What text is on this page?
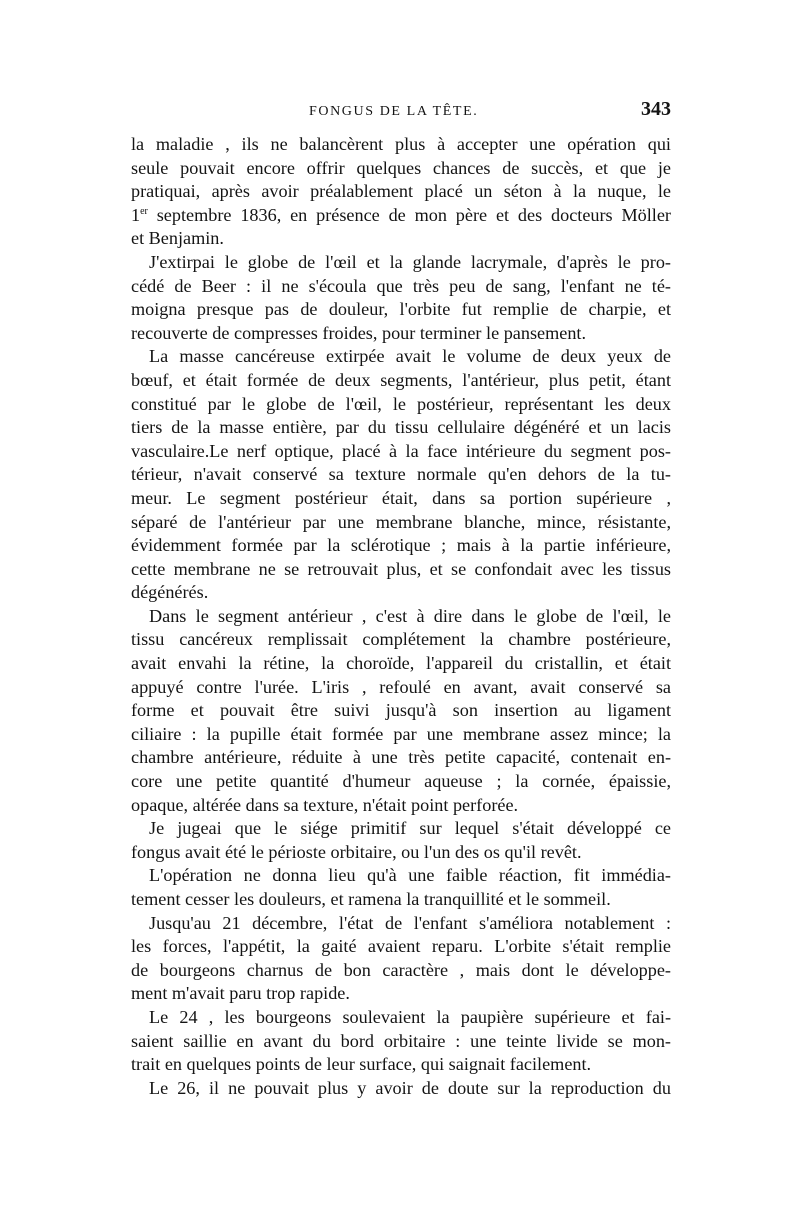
FONGUS DE LA TÊTE.	343
la maladie , ils ne balancèrent plus à accepter une opération qui
seule pouvait encore offrir quelques chances de succès, et que je
pratiquai, après avoir préalablement placé un séton à la nuque, le
1er septembre 1836, en présence de mon père et des docteurs Möller
et Benjamin.
J'extirpai le globe de l'œil et la glande lacrymale, d'après le pro-
cédé de Beer : il ne s'écoula que très peu de sang, l'enfant ne té-
moigna presque pas de douleur, l'orbite fut remplie de charpie, et
recouverte de compresses froides, pour terminer le pansement.
La masse cancéreuse extirpée avait le volume de deux yeux de
bœuf, et était formée de deux segments, l'antérieur, plus petit, étant
constitué par le globe de l'œil, le postérieur, représentant les deux
tiers de la masse entière, par du tissu cellulaire dégénéré et un lacis
vasculaire.Le nerf optique, placé à la face intérieure du segment pos-
térieur, n'avait conservé sa texture normale qu'en dehors de la tu-
meur. Le segment postérieur était, dans sa portion supérieure ,
séparé de l'antérieur par une membrane blanche, mince, résistante,
évidemment formée par la sclérotique ; mais à la partie inférieure,
cette membrane ne se retrouvait plus, et se confondait avec les tissus
dégénérés.
Dans le segment antérieur , c'est à dire dans le globe de l'œil, le
tissu cancéreux remplissait complétement la chambre postérieure,
avait envahi la rétine, la choroïde, l'appareil du cristallin, et était
appuyé contre l'urée. L'iris , refoulé en avant, avait conservé sa
forme et pouvait être suivi jusqu'à son insertion au ligament
ciliaire : la pupille était formée par une membrane assez mince; la
chambre antérieure, réduite à une très petite capacité, contenait en-
core une petite quantité d'humeur aqueuse ; la cornée, épaissie,
opaque, altérée dans sa texture, n'était point perforée.
Je jugeai que le siége primitif sur lequel s'était développé ce
fongus avait été le périoste orbitaire, ou l'un des os qu'il revêt.
L'opération ne donna lieu qu'à une faible réaction, fit immédia-
tement cesser les douleurs, et ramena la tranquillité et le sommeil.
Jusqu'au 21 décembre, l'état de l'enfant s'améliora notablement :
les forces, l'appétit, la gaité avaient reparu. L'orbite s'était remplie
de bourgeons charnus de bon caractère , mais dont le développe-
ment m'avait paru trop rapide.
Le 24 , les bourgeons soulevaient la paupière supérieure et fai-
saient saillie en avant du bord orbitaire : une teinte livide se mon-
trait en quelques points de leur surface, qui saignait facilement.
Le 26, il ne pouvait plus y avoir de doute sur la reproduction du
